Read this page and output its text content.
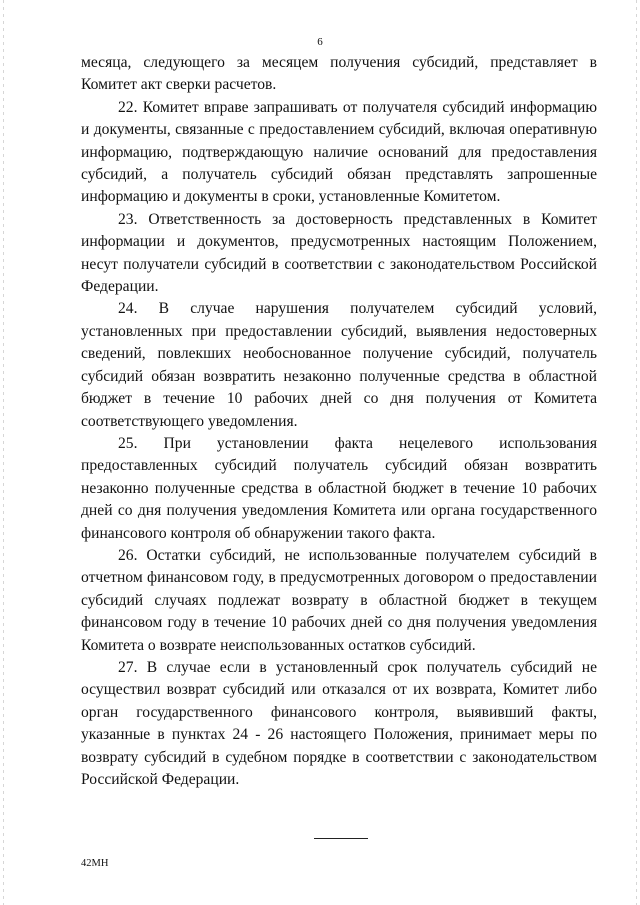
6

месяца, следующего за месяцем получения субсидий, представляет в Комитет акт сверки расчетов.

22. Комитет вправе запрашивать от получателя субсидий информацию и документы, связанные с предоставлением субсидий, включая оперативную информацию, подтверждающую наличие оснований для предоставления субсидий, а получатель субсидий обязан представлять запрошенные информацию и документы в сроки, установленные Комитетом.

23. Ответственность за достоверность представленных в Комитет информации и документов, предусмотренных настоящим Положением, несут получатели субсидий в соответствии с законодательством Российской Федерации.

24. В случае нарушения получателем субсидий условий, установленных при предоставлении субсидий, выявления недостоверных сведений, повлекших необоснованное получение субсидий, получатель субсидий обязан возвратить незаконно полученные средства в областной бюджет в течение 10 рабочих дней со дня получения от Комитета соответствующего уведомления.

25. При установлении факта нецелевого использования предоставленных субсидий получатель субсидий обязан возвратить незаконно полученные средства в областной бюджет в течение 10 рабочих дней со дня получения уведомления Комитета или органа государственного финансового контроля об обнаружении такого факта.

26. Остатки субсидий, не использованные получателем субсидий в отчетном финансовом году, в предусмотренных договором о предоставлении субсидий случаях подлежат возврату в областной бюджет в текущем финансовом году в течение 10 рабочих дней со дня получения уведомления Комитета о возврате неиспользованных остатков субсидий.

27. В случае если в установленный срок получатель субсидий не осуществил возврат субсидий или отказался от их возврата, Комитет либо орган государственного финансового контроля, выявивший факты, указанные в пунктах 24 - 26 настоящего Положения, принимает меры по возврату субсидий в судебном порядке в соответствии с законодательством Российской Федерации.

42МН
